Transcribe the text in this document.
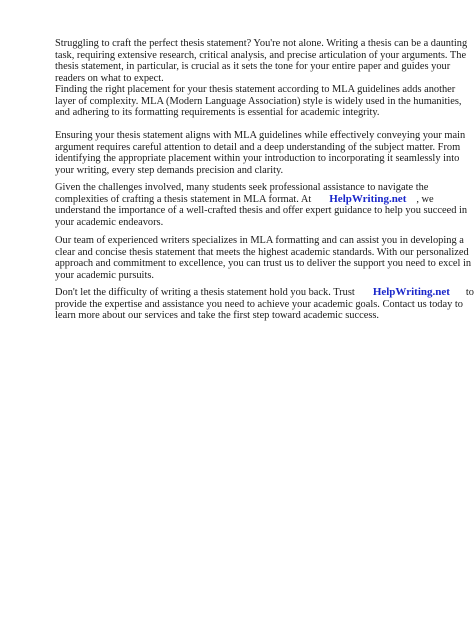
Struggling to craft the perfect thesis statement? You're not alone. Writing a thesis can be a daunting
task, requiring extensive research, critical analysis, and precise articulation of your arguments. The
thesis statement, in particular, is crucial as it sets the tone for your entire paper and guides your
readers on what to expect.

Finding the right placement for your thesis statement according to MLA guidelines adds another
layer of complexity. MLA (Modern Language Association) style is widely used in the humanities,
and adhering to its formatting requirements is essential for academic integrity.

Ensuring your thesis statement aligns with MLA guidelines while effectively conveying your main
argument requires careful attention to detail and a deep understanding of the subject matter. From
identifying the appropriate placement within your introduction to incorporating it seamlessly into
your writing, every step demands precision and clarity.

Given the challenges involved, many students seek professional assistance to navigate the
complexities of crafting a thesis statement in MLA format. At HelpWriting.net , we
understand the importance of a well-crafted thesis and offer expert guidance to help you succeed in
your academic endeavors.

Our team of experienced writers specializes in MLA formatting and can assist you in developing a
clear and concise thesis statement that meets the highest academic standards. With our personalized
approach and commitment to excellence, you can trust us to deliver the support you need to excel in
your academic pursuits.

Don't let the difficulty of writing a thesis statement hold you back. Trust HelpWriting.net to
provide the expertise and assistance you need to achieve your academic goals. Contact us today to
learn more about our services and take the first step toward academic success.
